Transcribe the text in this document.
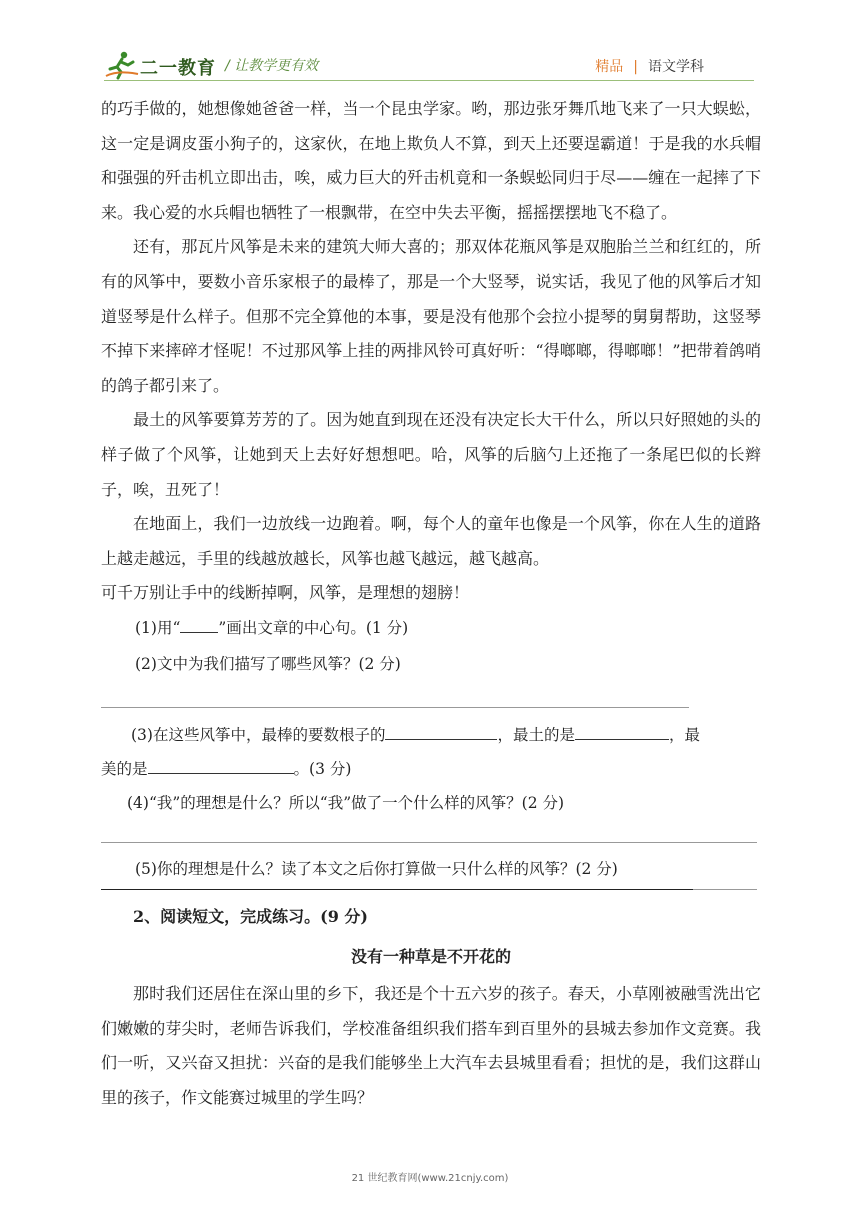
二一教育 / 让教学更有效	精品 | 语文学科

的巧手做的，她想像她爸爸一样，当一个昆虫学家。哟，那边张牙舞爪地飞来了一只大蜈蚣，这一定是调皮蛋小狗子的，这家伙，在地上欺负人不算，到天上还要逞霸道！于是我的水兵帽和强强的歼击机立即出击，唉，威力巨大的歼击机竟和一条蜈蚣同归于尽——缠在一起摔了下来。我心爱的水兵帽也牺牲了一根飘带，在空中失去平衡，摇摇摆摆地飞不稳了。

还有，那瓦片风筝是未来的建筑大师大喜的；那双体花瓶风筝是双胞胎兰兰和红红的，所有的风筝中，要数小音乐家根子的最棒了，那是一个大竖琴，说实话，我见了他的风筝后才知道竖琴是什么样子。但那不完全算他的本事，要是没有他那个会拉小提琴的舅舅帮助，这竖琴不掉下来摔碎才怪呢！不过那风筝上挂的两排风铃可真好听：“得啷啷，得啷啷！”把带着鸽哨的鸽子都引来了。

最土的风筝要算芳芳的了。因为她直到现在还没有决定长大干什么，所以只好照她的头的样子做了个风筝，让她到天上去好好想想吧。哈，风筝的后脑勺上还拖了一条尾巴似的长辫子，唉，丑死了！

在地面上，我们一边放线一边跑着。啊，每个人的童年也像是一个风筝，你在人生的道路上越走越远，手里的线越放越长，风筝也越飞越远，越飞越高。

可千万别让手中的线断掉啊，风筝，是理想的翅膀！

(1)用“ ”画出文章的中心句。(1 分)

(2)文中为我们描写了哪些风筝？(2 分)

(3)在这些风筝中，最棒的要数根子的	，最土的是	，最

美的是	。(3 分)

(4)“我”的理想是什么？所以“我”做了一个什么样的风筝？(2 分)

(5)你的理想是什么？读了本文之后你打算做一只什么样的风筝？(2 分)

2、阅读短文，完成练习。(9 分)

没有一种草是不开花的

那时我们还居住在深山里的乡下，我还是个十五六岁的孩子。春天，小草刚被融雪洗出它们嫩嫩的芽尖时，老师告诉我们，学校准备组织我们搭车到百里外的县城去参加作文竞赛。我们一听，又兴奋又担扰：兴奋的是我们能够坐上大汽车去县城里看看；担忧的是，我们这群山里的孩子，作文能赛过城里的学生吗？

21 世纪教育网(www.21cnjy.com)
